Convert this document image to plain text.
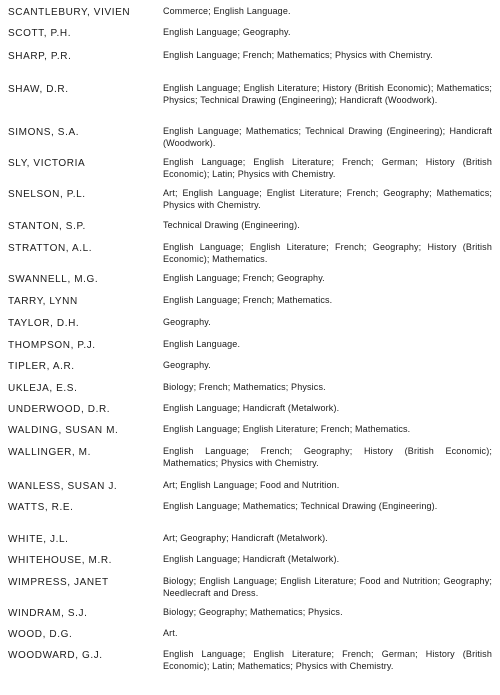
SCANTLEBURY, VIVIEN	Commerce; English Language.
SCOTT, P.H.	English Language; Geography.
SHARP, P.R.	English Language; French; Mathematics; Physics with Chemistry.
SHAW, D.R.	English Language; English Literature; History (British Economic); Mathematics; Physics; Technical Drawing (Engineering); Handicraft (Woodwork).
SIMONS, S.A.	English Language; Mathematics; Technical Drawing (Engineering); Handicraft (Woodwork).
SLY, VICTORIA	English Language; English Literature; French; German; History (British Economic); Latin; Physics with Chemistry.
SNELSON, P.L.	Art; English Language; Englist Literature; French; Geography; Mathematics; Physics with Chemistry.
STANTON, S.P.	Technical Drawing (Engineering).
STRATTON, A.L.	English Language; English Literature; French; Geography; History (British Economic); Mathematics.
SWANNELL, M.G.	English Language; French; Geography.
TARRY, LYNN	English Language; French; Mathematics.
TAYLOR, D.H.	Geography.
THOMPSON, P.J.	English Language.
TIPLER, A.R.	Geography.
UKLEJA, E.S.	Biology; French; Mathematics; Physics.
UNDERWOOD, D.R.	English Language; Handicraft (Metalwork).
WALDING, SUSAN M.	English Language; English Literature; French; Mathematics.
WALLINGER, M.	English Language; French; Geography; History (British Economic); Mathematics; Physics with Chemistry.
WANLESS, SUSAN J.	Art; English Language; Food and Nutrition.
WATTS, R.E.	English Language; Mathematics; Technical Drawing (Engineering).
WHITE, J.L.	Art; Geography; Handicraft (Metalwork).
WHITEHOUSE, M.R.	English Language; Handicraft (Metalwork).
WIMPRESS, JANET	Biology; English Language; English Literature; Food and Nutrition; Geography; Needlecraft and Dress.
WINDRAM, S.J.	Biology; Geography; Mathematics; Physics.
WOOD, D.G.	Art.
WOODWARD, G.J.	English Language; English Literature; French; German; History (British Economic); Latin; Mathematics; Physics with Chemistry.
